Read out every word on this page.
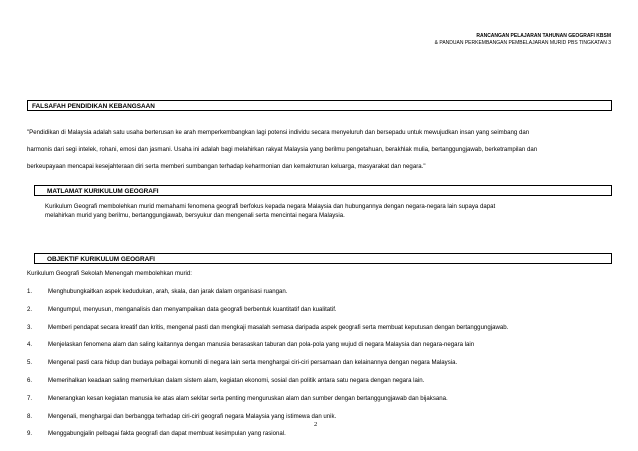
RANCANGAN PELAJARAN TAHUNAN GEOGRAFI KBSM
& PANDUAN PERKEMBANGAN PEMBELAJARAN MURID PBS TINGKATAN 3
FALSAFAH PENDIDIKAN KEBANGSAAN
"Pendidikan di Malaysia adalah satu usaha berterusan ke arah memperkembangkan lagi potensi individu secara menyeluruh dan bersepadu untuk mewujudkan insan yang seimbang dan
harmonis dari segi intelek, rohani, emosi dan jasmani. Usaha ini adalah bagi melahirkan rakyat Malaysia yang berilmu pengetahuan, berakhlak mulia, bertanggungjawab, berketrampilan dan
berkeupayaan mencapai kesejahteraan diri serta memberi sumbangan terhadap keharmonian dan kemakmuran keluarga, masyarakat dan negara."
MATLAMAT KURIKULUM GEOGRAFI
Kurikulum Geografi membolehkan murid memahami fenomena geografi berfokus kepada negara Malaysia dan hubungannya dengan negara-negara lain supaya dapat
melahirkan murid yang berilmu, bertanggungjawab, bersyukur dan mengenali serta mencintai negara Malaysia.
OBJEKTIF KURIKULUM GEOGRAFI
Kurikulum Geografi Sekolah Menengah membolehkan murid:
1.	Menghubungkaitkan aspek kedudukan, arah, skala, dan jarak dalam organisasi ruangan.
2.	Mengumpul, menyusun, menganalisis dan menyampaikan data geografi berbentuk kuantitatif dan kualitatif.
3.	Memberi pendapat secara kreatif dan kritis, mengenal pasti dan mengkaji masalah semasa daripada aspek geografi serta membuat keputusan dengan bertanggungjawab.
4.	Menjelaskan fenomena alam dan saling kaitannya dengan manusia berasaskan taburan dan pola-pola yang wujud di negara Malaysia dan negara-negara lain
5.	Mengenal pasti cara hidup dan budaya pelbagai komuniti di negara lain serta menghargai ciri-ciri persamaan dan kelainannya dengan negara Malaysia.
6.	Memerihalkan keadaan saling memerlukan dalam sistem alam, kegiatan ekonomi, sosial dan politik antara satu negara dengan negara lain.
7.	Menerangkan kesan kegiatan manusia ke atas alam sekitar serta penting menguruskan alam dan sumber dengan bertanggungjawab dan bijaksana.
8.	Mengenali, menghargai dan berbangga terhadap ciri-ciri geografi negara Malaysia yang istimewa dan unik.
9.	Menggabungjalin pelbagai fakta geografi dan dapat membuat kesimpulan yang rasional.
2
